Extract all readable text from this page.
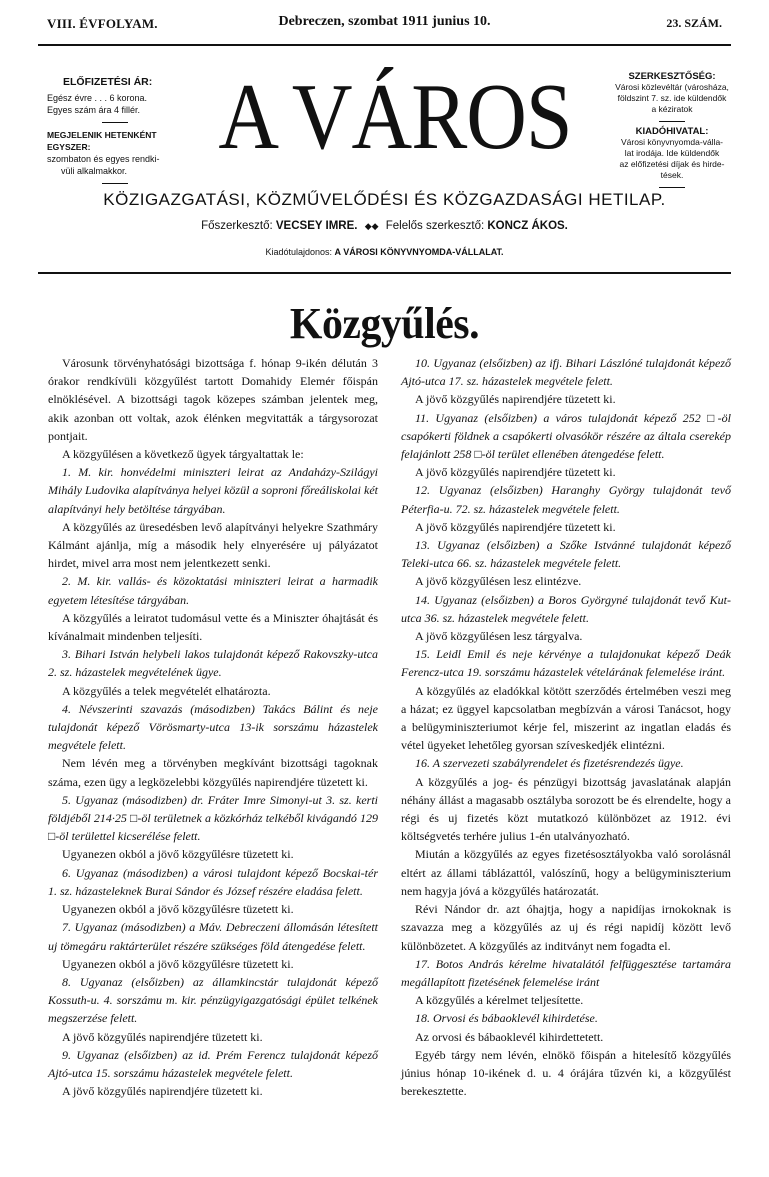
VIII. ÉVFOLYAM.	Debreczen, szombat 1911 junius 10.	23. SZÁM.
ELŐFIZETÉSI ÁR:
Egész évre . . . 6 korona.
Egyes szám ára 4 fillér.
MEGJELENIK HETENKÉNT EGYSZER:
szombaton és egyes rendki-
vüli alkalmakkor.
A VÁROS	SZERKESZTŐSÉG:
Városi közlevéltár (városháza,
földszint 7. sz. ide küldendők
a kéziratok
KIADÓHIVATAL:
Városi könyvnyomda-válla-
lat irodája. Ide küldendők
az előfizetési díjak és hirde-
tések.
KÖZIGAZGATÁSI, KÖZMŰVELŐDÉSI ÉS KÖZGAZDASÁGI HETILAP.
Főszerkesztő: VECSEY IMRE. ◆◆ Felelős szerkesztő: KONCZ ÁKOS.
Kiadótulajdonos: A VÁROSI KÖNYVNYOMDA-VÁLLALAT.
Közgyűlés.

Városunk törvényhatósági bizottsága f. hónap 9-ikén délután 3 órakor rendkívüli közgyűlést tartott Domahidy Elemér főispán elnöklésével. A bizottsági tagok közepes számban jelentek meg, akik azonban ott voltak, azok élénken megvitatták a tárgysorozat pontjait.

A közgyűlésen a következő ügyek tárgyaltattak le:

1. M. kir. honvédelmi miniszteri leirat az Andaházy-Szilágyi Mihály Ludovika alapítványa helyei közül a soproni főreáliskolai két alapítványi hely betöltése tárgyában.

A közgyűlés az üresedésben levő alapítványi helyekre Szathmáry Kálmánt ajánlja, míg a második hely elnyerésére uj pályázatot hirdet, mivel arra most nem jelentkezett senki.

2. M. kir. vallás- és közoktatási miniszteri leirat a harmadik egyetem létesítése tárgyában.

A közgyűlés a leiratot tudomásul vette és a Miniszter óhajtását és kívánalmait mindenben teljesíti.

3. Bihari István helybeli lakos tulajdonát képező Rakovszky-utca 2. sz. házastelek megvételének ügye.

A közgyűlés a telek megvételét elhatározta.

4. Névszerinti szavazás (másodizben) Takács Bálint és neje tulajdonát képező Vörösmarty-utca 13-ik sorszámu házastelek megvétele felett.

Nem lévén meg a törvényben megkívánt bizottsági tagoknak száma, ezen ügy a legközelebbi közgyűlés napirendjére tüzetett ki.

5. Ugyanaz (másodizben) dr. Fráter Imre Simonyi-ut 3. sz. kerti földjéből 214·25 □-öl területnek a közkórház telkéből kivágandó 129 □-öl területtel kicserélése felett.

Ugyanezen okból a jövő közgyűlésre tüzetett ki.

6. Ugyanaz (másodizben) a városi tulajdont képező Bocskai-tér 1. sz. házasteleknek Burai Sándor és József részére eladása felett.

Ugyanezen okból a jövő közgyűlésre tüzetett ki.

7. Ugyanaz (másodizben) a Máv. Debreczeni állomásán létesített uj tömegáru raktárterület részére szükséges föld átengedése felett.

Ugyanezen okból a jövő közgyűlésre tüzetett ki.

8. Ugyanaz (elsőizben) az államkincstár tulajdonát képező Kossuth-u. 4. sorszámu m. kir. pénzügyigazgatósági épület telkének megszerzése felett.

A jövő közgyűlés napirendjére tüzetett ki.

9. Ugyanaz (elsőizben) az id. Prém Ferencz tulajdonát képező Ajtó-utca 15. sorszámu házastelek megvétele felett.

A jövő közgyűlés napirendjére tüzetett ki.

10. Ugyanaz (elsőizben) az ifj. Bihari Lászlóné tulajdonát képező Ajtó-utca 17. sz. házastelek megvétele felett.

A jövő közgyűlés napirendjére tüzetett ki.

11. Ugyanaz (elsőizben) a város tulajdonát képező 252 □-öl csapókerti földnek a csapókerti olvasókör részére az általa cserekép felajánlott 258 □-öl terület ellenében átengedése felett.

A jövő közgyűlés napirendjére tüzetett ki.

12. Ugyanaz (elsőizben) Haranghy György tulajdonát tevő Péterfia-u. 72. sz. házastelek megvétele felett.

A jövő közgyűlés napirendjére tüzetett ki.

13. Ugyanaz (elsőizben) a Szőke Istvánné tulajdonát képező Teleki-utca 66. sz. házastelek megvétele felett.

A jövő közgyűlésen lesz elintézve.

14. Ugyanaz (elsőizben) a Boros Györgyné tulajdonát tevő Kut-utca 36. sz. házastelek megvétele felett.

A jövő közgyűlésen lesz tárgyalva.

15. Leidl Emil és neje kérvénye a tulajdonukat képező Deák Ferencz-utca 19. sorszámu házastelek vételárának felemelése iránt.

A közgyűlés az eladókkal kötött szerződés értelmében veszi meg a házat; ez üggyel kapcsolatban megbízván a városi Tanácsot, hogy a belügyminiszteriumot kérje fel, miszerint az ingatlan eladás és vétel ügyeket lehetőleg gyorsan szíveskedjék elintézni.

16. A szervezeti szabályrendelet és fizetésrendezés ügye.

A közgyűlés a jog- és pénzügyi bizottság javaslatának alapján néhány állást a magasabb osztályba sorozott be és elrendelte, hogy a régi és uj fizetés közt mutatkozó különbözet az 1912. évi költségvetés terhére julius 1-én utalványozható.

Miután a közgyűlés az egyes fizetésosztályokba való sorolásnál eltért az állami táblázattól, valószínű, hogy a belügyminiszterium nem hagyja jóvá a közgyűlés határozatát.

Révi Nándor dr. azt óhajtja, hogy a napidíjas irnokoknak is szavazza meg a közgyűlés az uj és régi napidíj között levő különbözetet. A közgyűlés az inditványt nem fogadta el.

17. Botos András kérelme hivatalától felfüggesztése tartamára megállapított fizetésének felemelése iránt

A közgyűlés a kérelmet teljesítette.

18. Orvosi és bábaoklevél kihirdetése.

Az orvosi és bábaoklevél kihirdettetett.

Egyéb tárgy nem lévén, elnökö főispán a hitelesítő közgyűlés június hónap 10-ikének d. u. 4 órájára tűzvén ki, a közgyűlést berekesztette.
